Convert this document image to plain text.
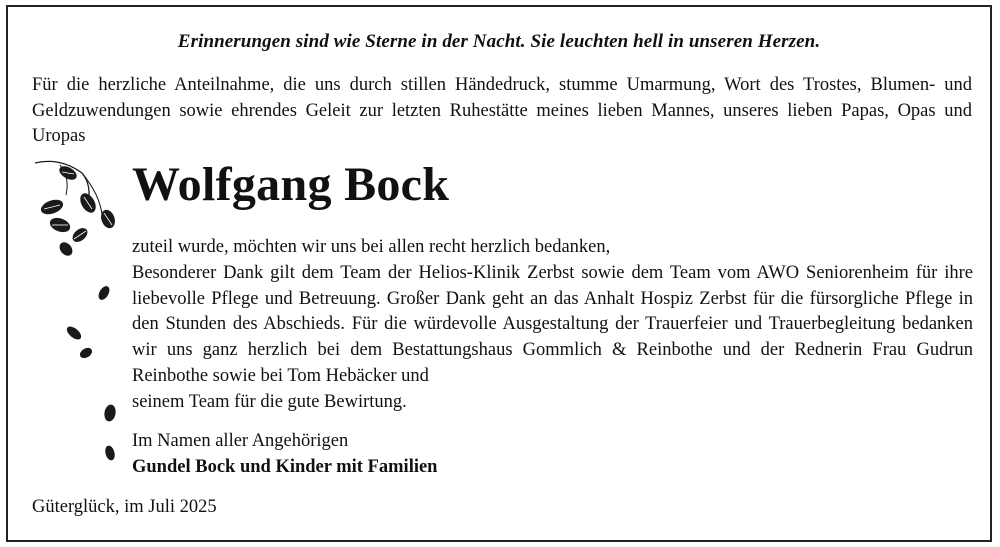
Erinnerungen sind wie Sterne in der Nacht. Sie leuchten hell in unseren Herzen.

Für die herzliche Anteilnahme, die uns durch stillen Händedruck, stumme Umarmung, Wort des Trostes, Blumen- und Geldzuwendungen sowie ehrendes Geleit zur letzten Ruhestätte meines lieben Mannes, unseres lieben Papas, Opas und Uropas

Wolfgang Bock

zuteil wurde, möchten wir uns bei allen recht herzlich bedanken,

Besonderer Dank gilt dem Team der Helios-Klinik Zerbst sowie dem Team vom AWO Seniorenheim für ihre liebevolle Pflege und Betreuung. Großer Dank geht an das Anhalt Hospiz Zerbst für die fürsorgliche Pflege in den Stunden des Abschieds. Für die würdevolle Ausgestaltung der Trauerfeier und Trauerbegleitung bedanken wir uns ganz herzlich bei dem Bestattungshaus Gommlich & Reinbothe und der Rednerin Frau Gudrun Reinbothe sowie bei Tom Hebäcker und

seinem Team für die gute Bewirtung.

Im Namen aller Angehörigen
Gundel Bock und Kinder mit Familien
Güterglück, im Juli 2025
